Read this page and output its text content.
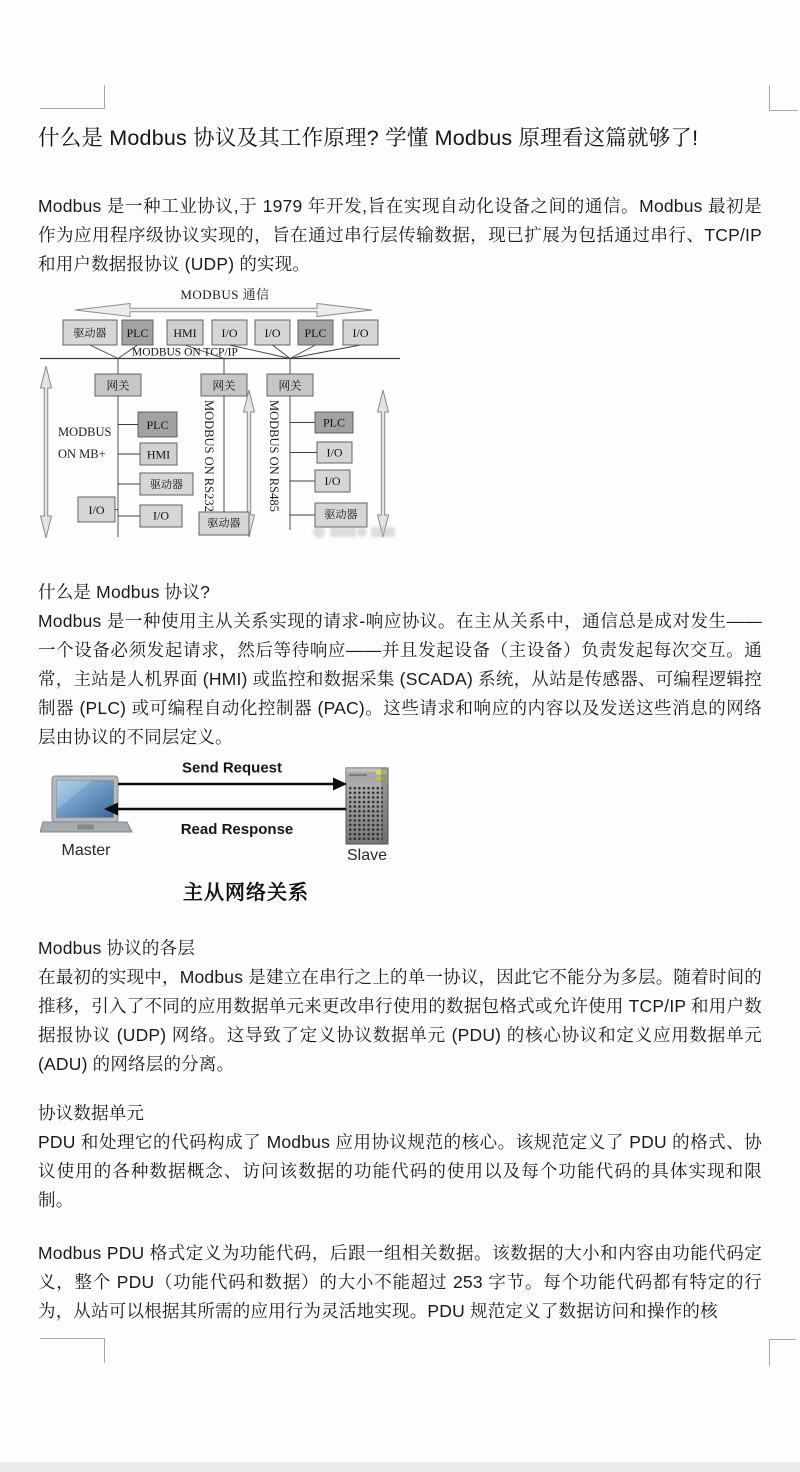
什么是 Modbus 协议及其工作原理? 学懂 Modbus 原理看这篇就够了!
Modbus 是一种工业协议,于 1979 年开发,旨在实现自动化设备之间的通信。Modbus 最初是作为应用程序级协议实现的，旨在通过串行层传输数据，现已扩展为包括通过串行、TCP/IP 和用户数据报协议 (UDP) 的实现。
MODBUS 通信
驱动器 PLC HMI I/O I/O PLC I/O
MODBUS ON TCP/IP
网关	网关	网关
MODBUS
ON MB+
PLC
HMI
驱动器
I/O
I/O	MODBUS ON RS232
驱动器
MODBUS ON RS485	PLC
I/O
I/O
驱动器
什么是 Modbus 协议?
Modbus 是一种使用主从关系实现的请求-响应协议。在主从关系中，通信总是成对发生——一个设备必须发起请求，然后等待响应——并且发起设备（主设备）负责发起每次交互。通常，主站是人机界面 (HMI) 或监控和数据采集 (SCADA) 系统，从站是传感器、可编程逻辑控制器 (PLC) 或可编程自动化控制器 (PAC)。这些请求和响应的内容以及发送这些消息的网络层由协议的不同层定义。
Master	Slave
Send Request
Read Response
主从网络关系
Modbus 协议的各层
在最初的实现中，Modbus 是建立在串行之上的单一协议，因此它不能分为多层。随着时间的推移，引入了不同的应用数据单元来更改串行使用的数据包格式或允许使用 TCP/IP 和用户数据报协议 (UDP) 网络。这导致了定义协议数据单元 (PDU) 的核心协议和定义应用数据单元 (ADU) 的网络层的分离。
协议数据单元
PDU 和处理它的代码构成了 Modbus 应用协议规范的核心。该规范定义了 PDU 的格式、协议使用的各种数据概念、访问该数据的功能代码的使用以及每个功能代码的具体实现和限制。
Modbus PDU 格式定义为功能代码，后跟一组相关数据。该数据的大小和内容由功能代码定义，整个 PDU（功能代码和数据）的大小不能超过 253 字节。每个功能代码都有特定的行为，从站可以根据其所需的应用行为灵活地实现。PDU 规范定义了数据访问和操作的核
